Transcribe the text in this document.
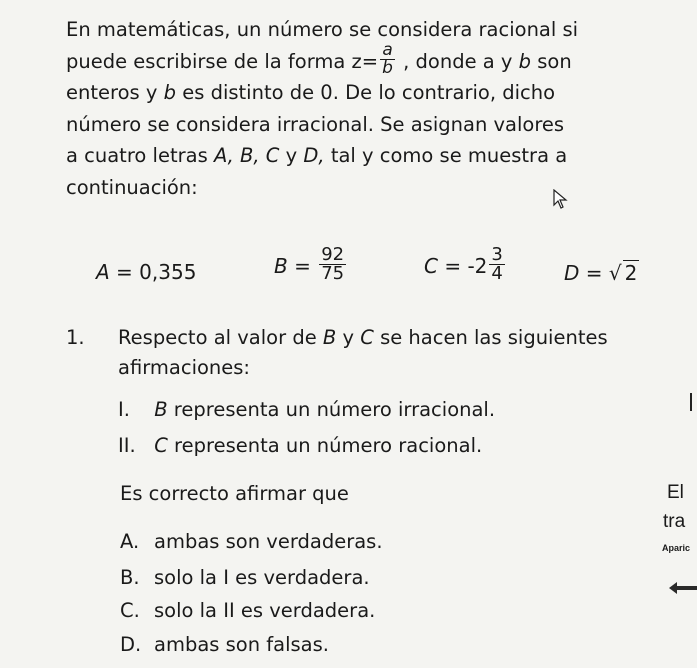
En matemáticas, un número se considera racional si

puede escribirse de la forma $z= \frac{a}{b}$ , donde a y b son

enteros y b es distinto de 0. De lo contrario, dicho

número se considera irracional. Se asignan valores

a cuatro letras A, B, C y D, tal y como se muestra a

continuación:

A = 0,355	$B = \frac{92}{75}$	$C = -2 \frac{3}{4}$	D = √ 2
1. Respecto al valor de B y C se hacen las siguientes
afirmaciones:
I. B representa un número irracional.
II. C representa un número racional.
Es correcto afirmar que
A. ambas son verdaderas.
B. solo la I es verdadera.
C. solo la II es verdadera.
D. ambas son falsas.
El
tra
Aparic
